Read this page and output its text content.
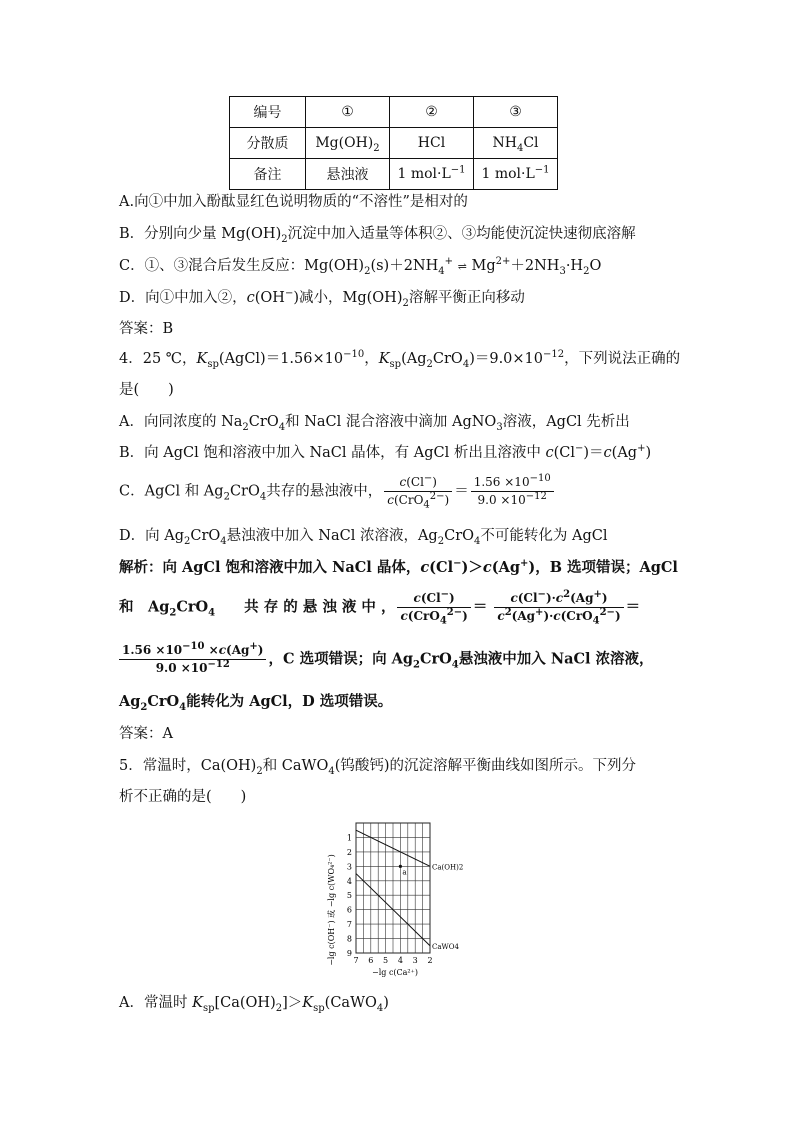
编号	①	②	③
分散质	$Mg(OH)_2$	HCl	$NH_4Cl$
备注	悬浊液	1 $mol\cdot L^{-1}$	1 $mol\cdot L^{-1}$
A.向①中加入酚酞显红色说明物质的“不溶性”是相对的
B．分别向少量 $Mg(OH)_2$沉淀中加入适量等体积②、③均能使沉淀快速彻底溶解
C．①、③混合后发生反应：$Mg(OH)_2(s)+2NH_4^+$ ⇌ $Mg^{2+}+2NH_3\cdot H_2O$
D．向①中加入②，c(OH−)减小，$Mg(OH)_2$溶解平衡正向移动
答案：B
4．25 ℃，$K_{sp}(AgCl)=1.56\times 10^{-10}$，$K_{sp}(Ag_2CrO_4)=9.0\times 10^{-12}$，下列说法正确的
是(　　)
A．向同浓度的 $Na_2CrO_4$和 NaCl 混合溶液中滴加 AgNO$_3$溶液，AgCl 先析出
B．向 AgCl 饱和溶液中加入 NaCl 晶体，有 AgCl 析出且溶液中 c(Cl−)＝c(Ag+)
C．AgCl 和 $Ag_2CrO_4$共存的悬浊液中， $\frac{c(Cl^-)}{c(CrO_4^{2-})} = \frac{1.56 \times 10^{-10}}{9.0 \times 10^{-12}}$
D．向 $Ag_2CrO_4$悬浊液中加入 NaCl 浓溶液，$Ag_2CrO_4$不可能转化为 AgCl
解析：向 AgCl 饱和溶液中加入 NaCl 晶体，c(Cl−)＞c(Ag+)，B 选项错误；AgCl
和　$Ag_2CrO_4$　　共 存 的 悬 浊 液 中 ， $\frac{c(Cl^-)}{c(CrO_4^{2-})} = \frac{c(Cl^-)\cdot c^2(Ag^+)}{c^2(Ag^+)\cdot c(CrO_4^{2-})}$ ＝
$\frac{1.56 \times 10^{-10} \times c(Ag^+)}{9.0 \times 10^{-12}}$ ，C 选项错误；向 $Ag_2CrO_4$悬浊液中加入 NaCl 浓溶液，
$Ag_2CrO_4$能转化为 AgCl，D 选项错误。
答案：A
5．常温时，$Ca(OH)_2$和 CaWO$_4$(钨酸钙)的沉淀溶解平衡曲线如图所示。下列分
析不正确的是(　　)
Ca(OH)2
CaWO4
a
7 6 5 4 3 2
1
2
3
4
5
6
7
8
9
−lg c(OH⁻) 或 −lg c(WO₄²⁻)
−lg c(Ca²⁺)
A．常温时 $K_{sp}[Ca(OH)_2]>K_{sp}(CaWO_4)$
